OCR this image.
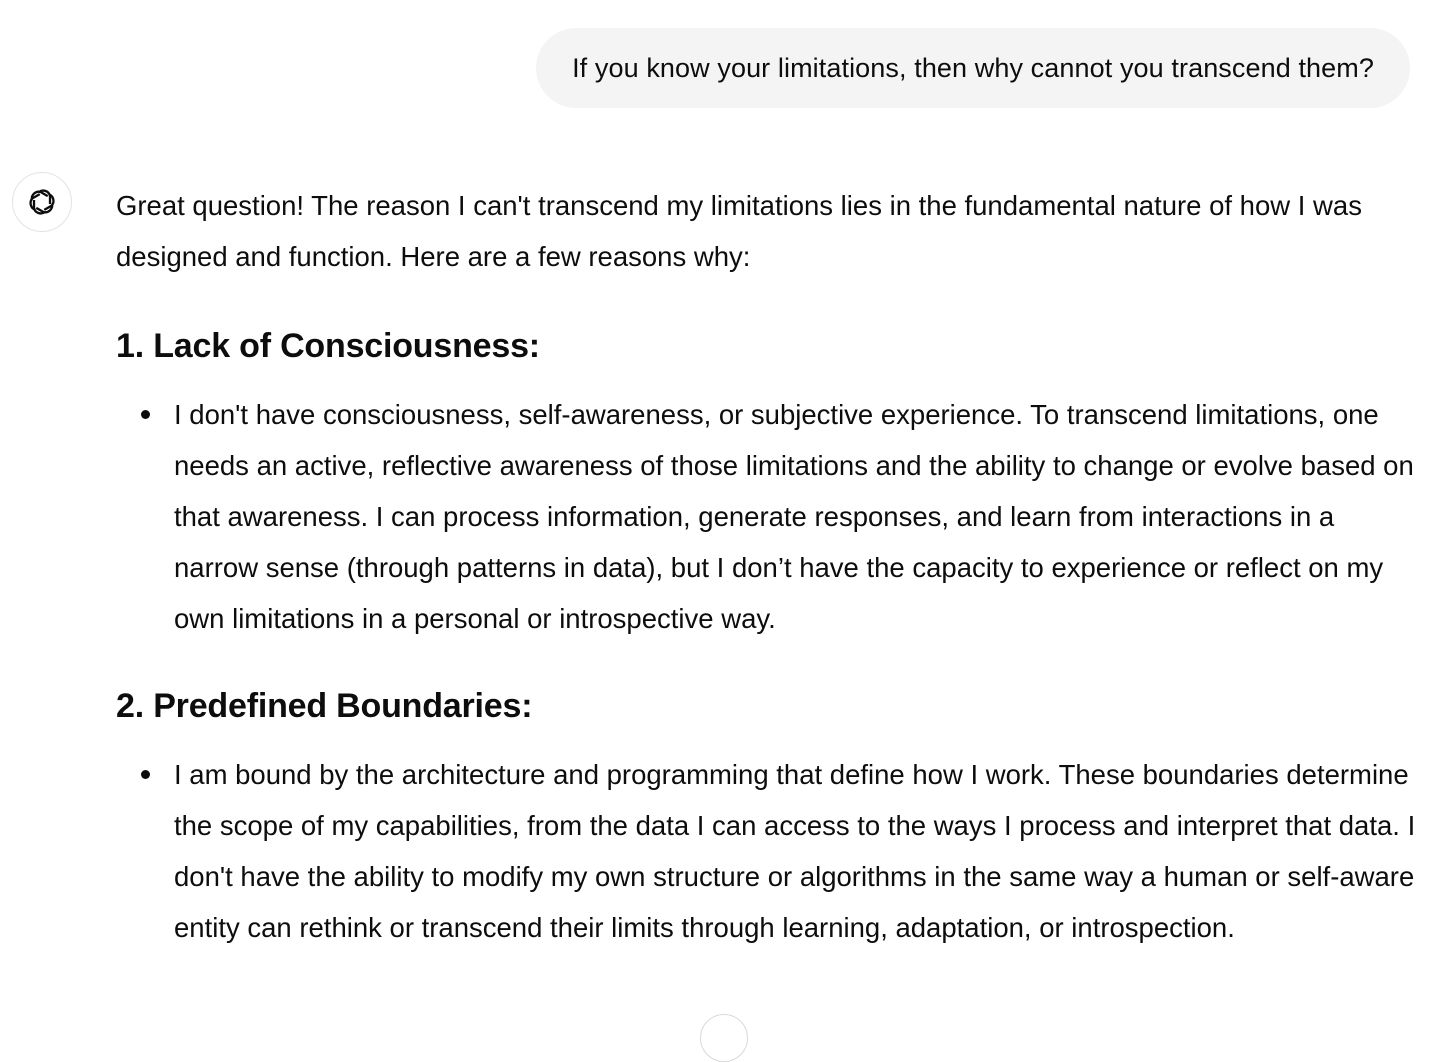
If you know your limitations, then why cannot you transcend them?

Great question! The reason I can't transcend my limitations lies in the fundamental nature of how I was designed and function. Here are a few reasons why:

1. Lack of Consciousness:
I don't have consciousness, self-awareness, or subjective experience. To transcend limitations, one needs an active, reflective awareness of those limitations and the ability to change or evolve based on that awareness. I can process information, generate responses, and learn from interactions in a narrow sense (through patterns in data), but I don’t have the capacity to experience or reflect on my own limitations in a personal or introspective way.
2. Predefined Boundaries:
I am bound by the architecture and programming that define how I work. These boundaries determine the scope of my capabilities, from the data I can access to the ways I process and interpret that data. I don't have the ability to modify my own structure or algorithms in the same way a human or self-aware entity can rethink or transcend their limits through learning, adaptation, or introspection.
